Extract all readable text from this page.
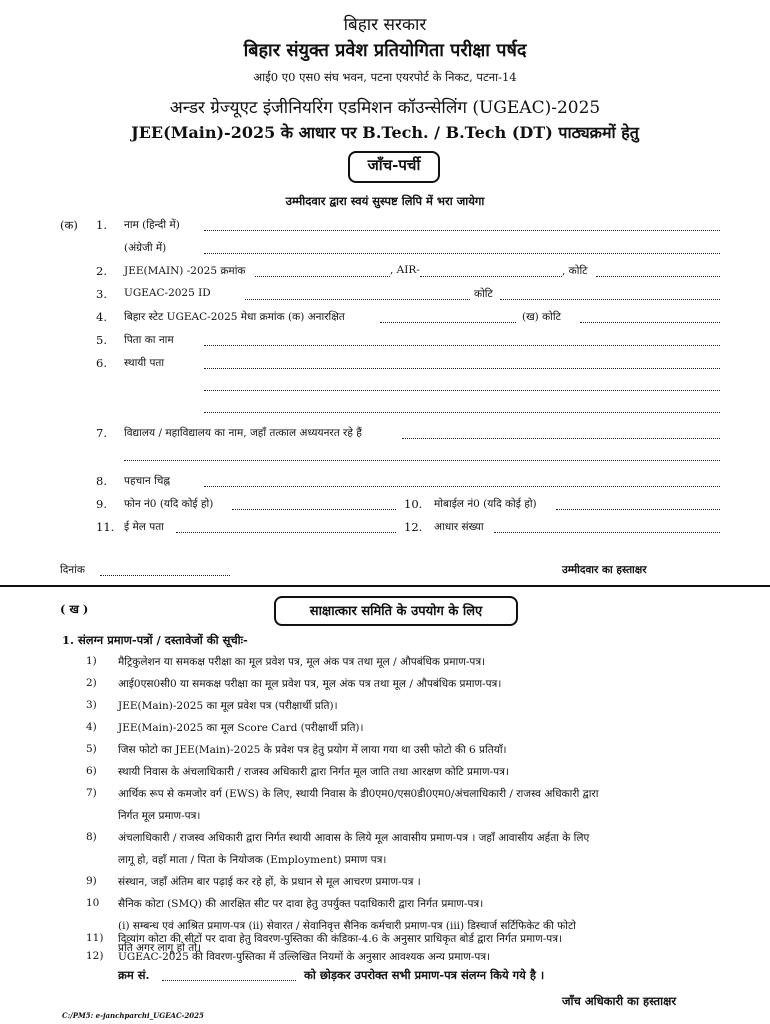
बिहार सरकार
बिहार संयुक्त प्रवेश प्रतियोगिता परीक्षा पर्षद
आई0 ए0 एस0 संघ भवन, पटना एयरपोर्ट के निकट, पटना-14
अन्डर ग्रेज्यूएट इंजीनियरिंग एडमिशन कॉउन्सेलिंग (UGEAC)-2025
JEE(Main)-2025 के आधार पर B.Tech. / B.Tech (DT) पाठ्यक्रमों हेतु
जाँच-पर्ची
उम्मीदवार द्वारा स्वयं सुस्पष्ट लिपि में भरा जायेगा
(क) 1. नाम (हिन्दी में)
(अंग्रेजी में)
2. JEE(MAIN) -2025 क्रमांक	, AIR-	, कोटि
3. UGEAC-2025 ID	कोटि
4. बिहार स्टेट UGEAC-2025 मेधा क्रमांक (क) अनारक्षित	(ख) कोटि
5. पिता का नाम
6. स्थायी पता
7. विद्यालय / महाविद्यालय का नाम, जहाँ तत्काल अध्ययनरत रहे हैं
8. पहचान चिह्न
9. फोन नं0 (यदि कोई हो)	10. मोबाईल नं0 (यदि कोई हो)
11. ई मेल पता	12. आधार संख्या
दिनांक	उम्मीदवार का हस्ताक्षर
( ख )	साक्षात्कार समिति के उपयोग के लिए
1. संलग्न प्रमाण-पत्रों / दस्तावेजों की सूचीः-
1) मैट्रिकुलेशन या समकक्ष परीक्षा का मूल प्रवेश पत्र, मूल अंक पत्र तथा मूल / औपबंधिक प्रमाण-पत्र।
2) आई0एस0सी0 या समकक्ष परीक्षा का मूल प्रवेश पत्र, मूल अंक पत्र तथा मूल / औपबंधिक प्रमाण-पत्र।
3) JEE(Main)-2025 का मूल प्रवेश पत्र (परीक्षार्थी प्रति)।
4) JEE(Main)-2025 का मूल Score Card (परीक्षार्थी प्रति)।
5) जिस फोटो का JEE(Main)-2025 के प्रवेश पत्र हेतु प्रयोग में लाया गया था उसी फोटो की 6 प्रतियाँ।
6) स्थायी निवास के अंचलाधिकारी / राजस्व अधिकारी द्वारा निर्गत मूल जाति तथा आरक्षण कोटि प्रमाण-पत्र।
7) आर्थिक रूप से कमजोर वर्ग (EWS) के लिए, स्थायी निवास के डी0एम0/एस0डी0एम0/अंचलाधिकारी / राजस्व अधिकारी द्वारा
निर्गत मूल प्रमाण-पत्र।
8) अंचलाधिकारी / राजस्व अधिकारी द्वारा निर्गत स्थायी आवास के लिये मूल आवासीय प्रमाण-पत्र । जहाँ आवासीय अर्हता के लिए
लागू हो, वहाँ माता / पिता के नियोजक (Employment) प्रमाण पत्र।
9) संस्थान, जहाँ अंतिम बार पढ़ाई कर रहे हों, के प्रधान से मूल आचरण प्रमाण-पत्र ।
10 सैनिक कोटा (SMQ) की आरक्षित सीट पर दावा हेतु उपर्युक्त पदाधिकारी द्वारा निर्गत प्रमाण-पत्र।
(i) सम्बन्ध एवं आश्रित प्रमाण-पत्र (ii) सेवारत / सेवानिवृत्त सैनिक कर्मचारी प्रमाण-पत्र (iii) डिस्चार्ज सर्टिफिकेट की फोटो
प्रति अगर लागू हो तो।
11) दिव्यांग कोटा की सीटों पर दावा हेतु विवरण-पुस्तिका की कंडिका-4.6 के अनुसार प्राधिकृत बोर्ड द्वारा निर्गत प्रमाण-पत्र।
12) UGEAC-2025 की विवरण-पुस्तिका में उल्लिखित नियमों के अनुसार आवश्यक अन्य प्रमाण-पत्र।
क्रम सं.	को छोड़कर उपरोक्त सभी प्रमाण-पत्र संलग्न किये गये है ।
जाँच अधिकारी का हस्ताक्षर
C:/PM5: e-janchparchi_UGEAC-2025
